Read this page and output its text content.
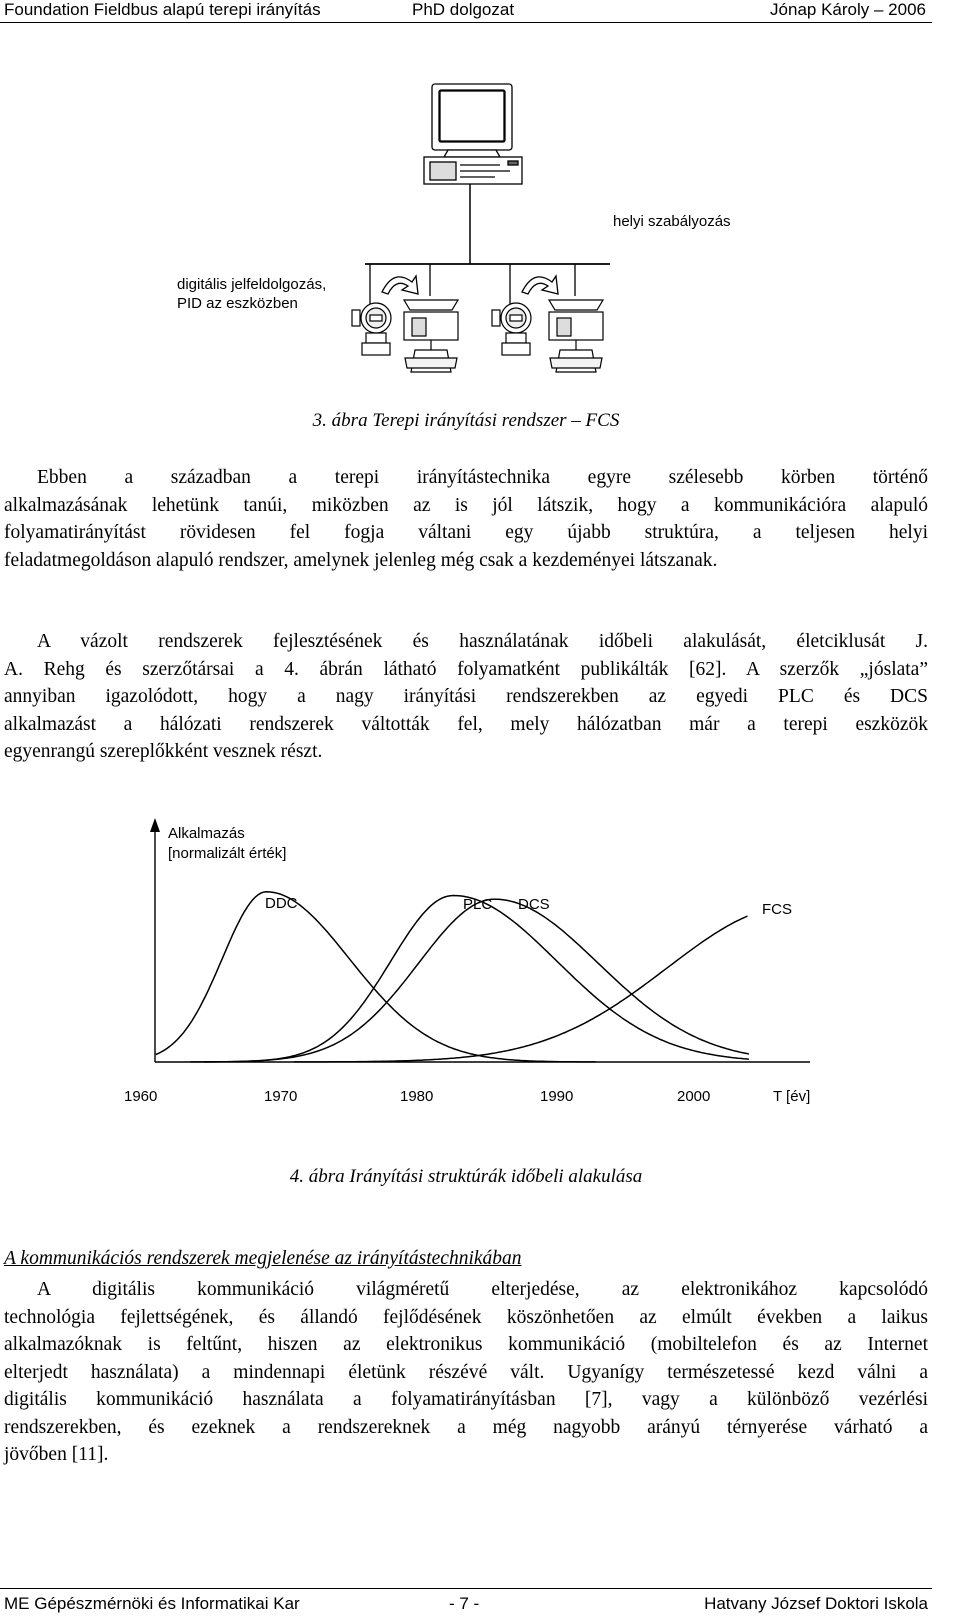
Foundation Fieldbus alapú terepi irányítás	PhD dolgozat	Jónap Károly – 2006
helyi szabályozás
digitális jelfeldolgozás,
PID az eszközben
3. ábra Terepi irányítási rendszer – FCS
Ebben a században a terepi irányítástechnika egyre szélesebb körben történő
alkalmazásának lehetünk tanúi, miközben az is jól látszik, hogy a kommunikációra alapuló
folyamatirányítást rövidesen fel fogja váltani egy újabb struktúra, a teljesen helyi
feladatmegoldáson alapuló rendszer, amelynek jelenleg még csak a kezdeményei látszanak.
A vázolt rendszerek fejlesztésének és használatának időbeli alakulását, életciklusát J.
A. Rehg és szerzőtársai a 4. ábrán látható folyamatként publikálták [62]. A szerzők „jóslata”
annyiban igazolódott, hogy a nagy irányítási rendszerekben az egyedi PLC és DCS
alkalmazást a hálózati rendszerek váltották fel, mely hálózatban már a terepi eszközök
egyenrangú szereplőkként vesznek részt.
Alkalmazás
[normalizált érték]
DDC	PLC DCS	FCS
1960	1970	1980	1990	2000	T [év]
4. ábra Irányítási struktúrák időbeli alakulása
A kommunikációs rendszerek megjelenése az irányítástechnikában
A digitális kommunikáció világméretű elterjedése, az elektronikához kapcsolódó
technológia fejlettségének, és állandó fejlődésének köszönhetően az elmúlt években a laikus
alkalmazóknak is feltűnt, hiszen az elektronikus kommunikáció (mobiltelefon és az Internet
elterjedt használata) a mindennapi életünk részévé vált. Ugyanígy természetessé kezd válni a
digitális kommunikáció használata a folyamatirányításban [7], vagy a különböző vezérlési
rendszerekben, és ezeknek a rendszereknek a még nagyobb arányú térnyerése várható a
jövőben [11].
ME Gépészmérnöki és Informatikai Kar	- 7 -	Hatvany József Doktori Iskola
